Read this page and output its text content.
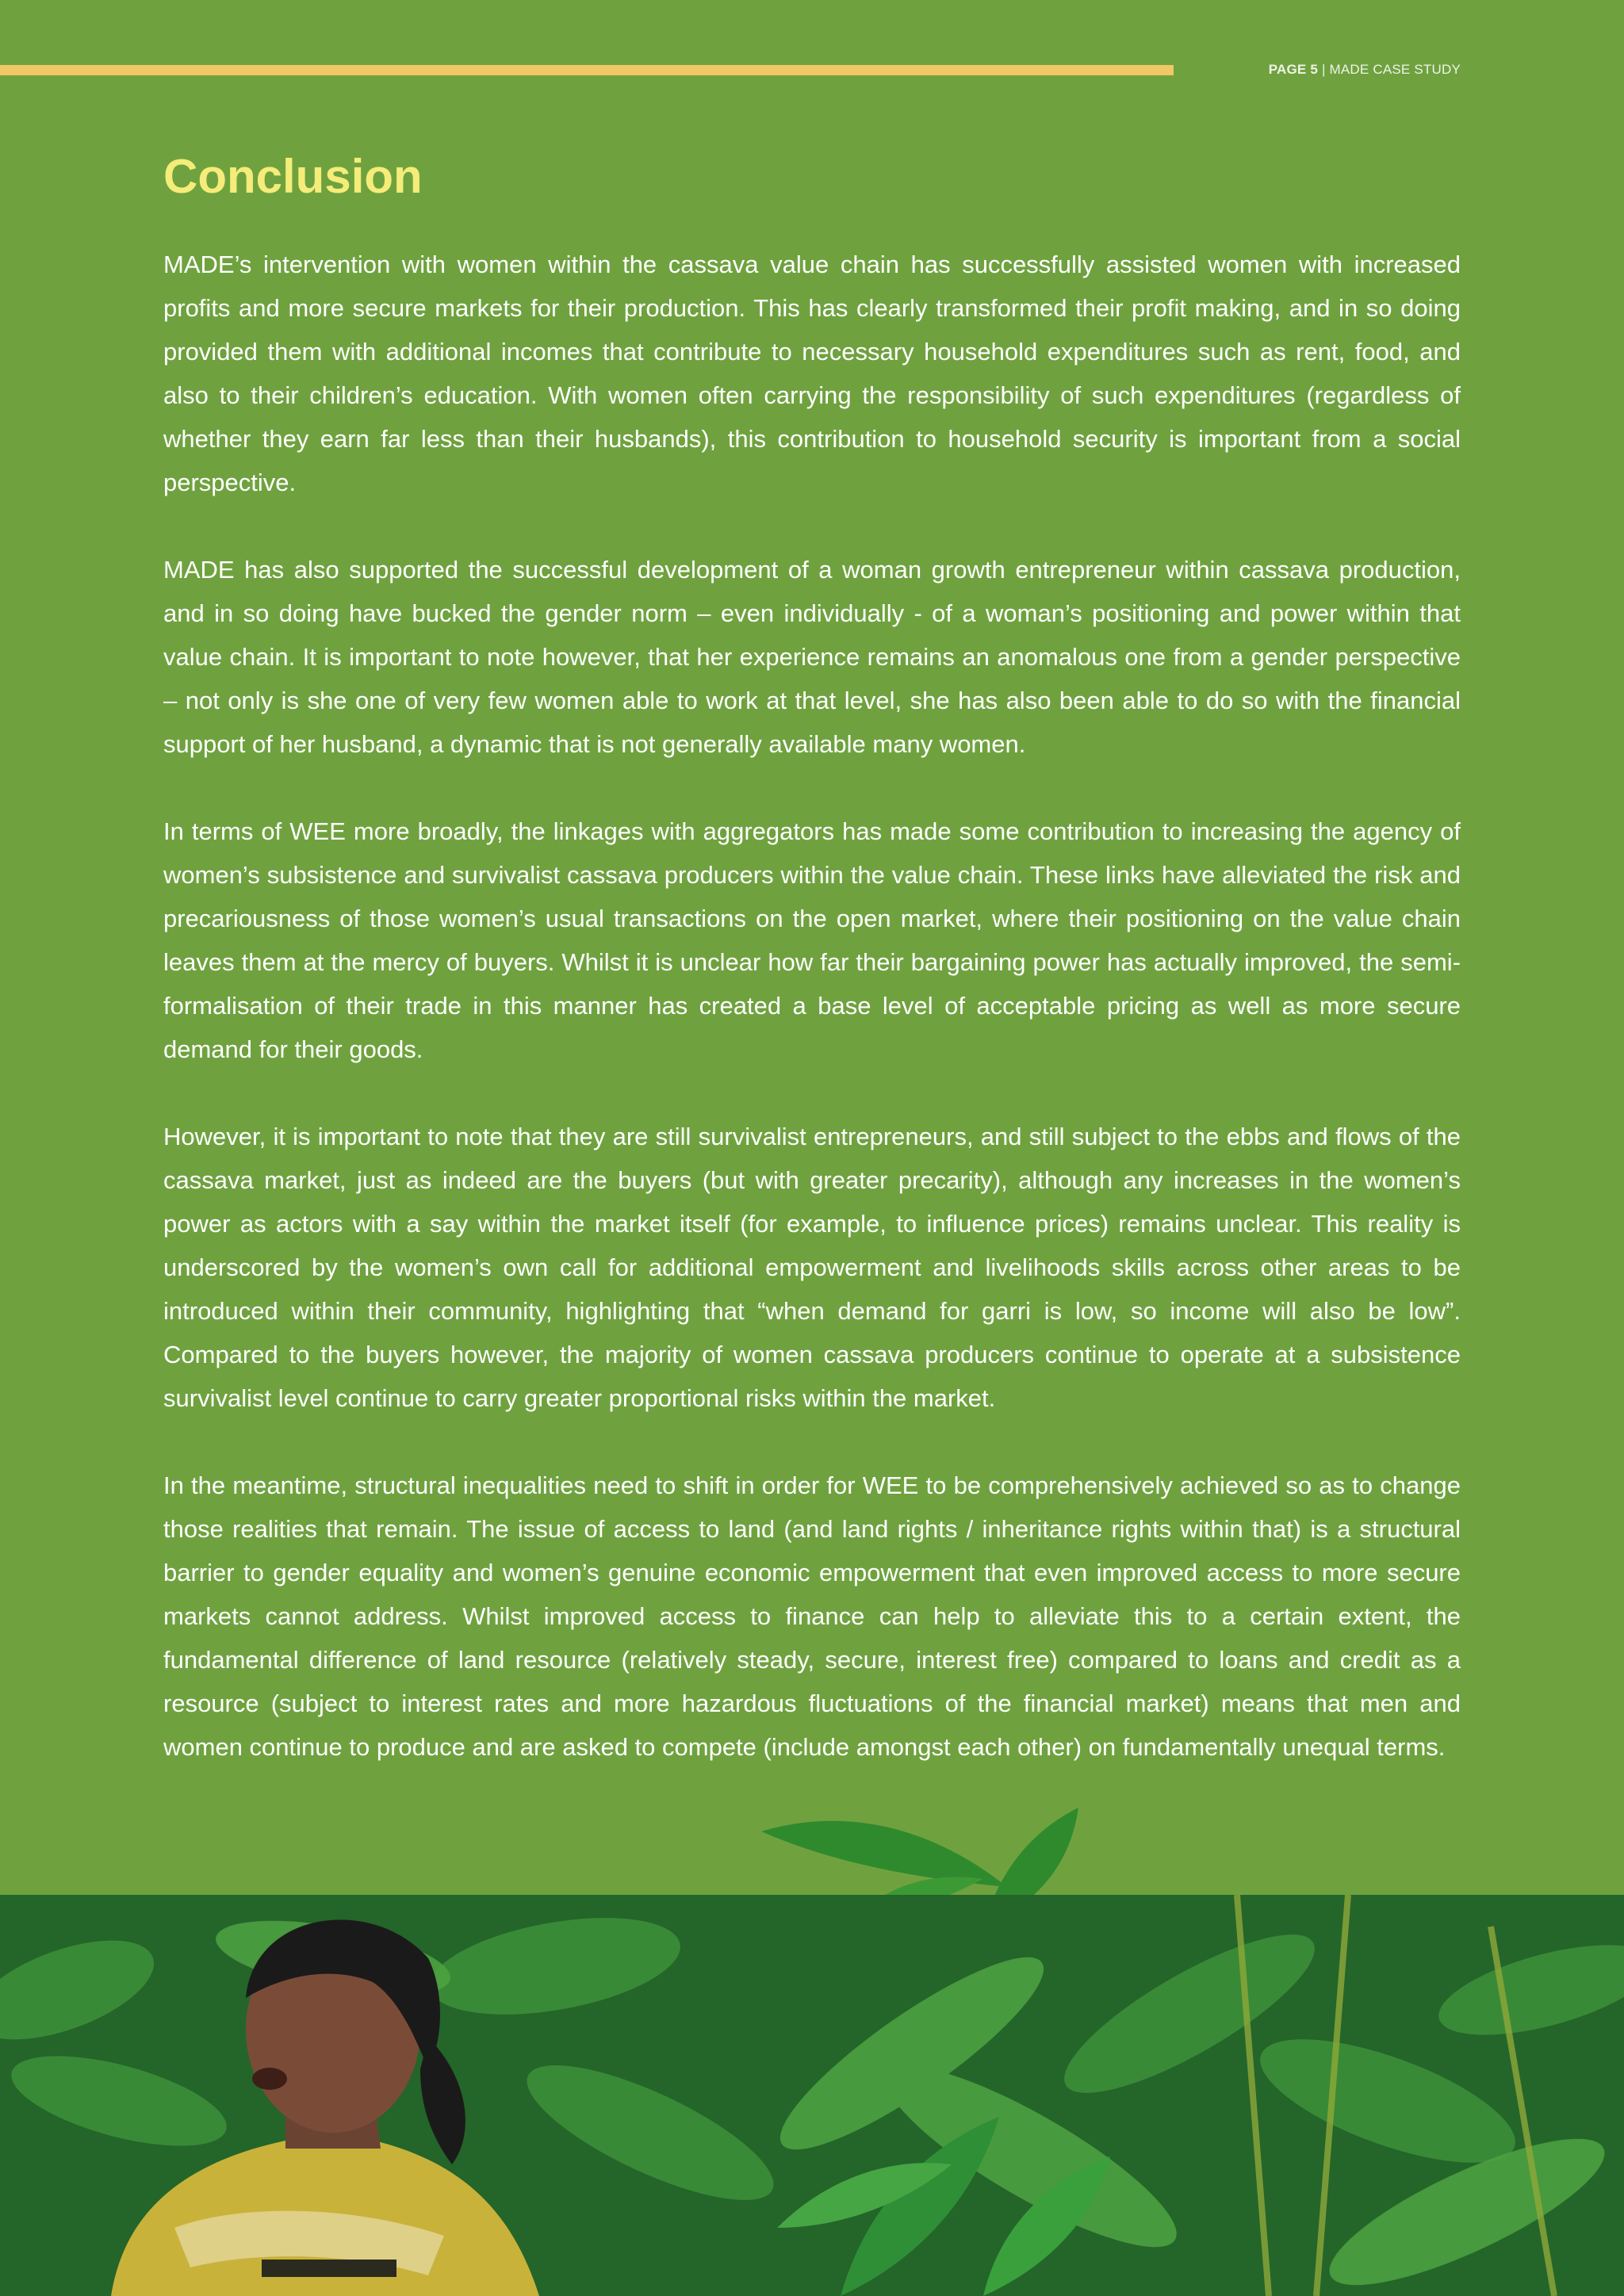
PAGE 5 | MADE CASE STUDY
Conclusion

MADE’s intervention with women within the cassava value chain has successfully assisted women with increased profits and more secure markets for their production. This has clearly transformed their profit making, and in so doing provided them with additional incomes that contribute to necessary household expenditures such as rent, food, and also to their children’s education. With women often carrying the responsibility of such expenditures (regardless of whether they earn far less than their husbands), this contribution to household security is important from a social perspective.

MADE has also supported the successful development of a woman growth entrepreneur within cassava production, and in so doing have bucked the gender norm – even individually - of a woman’s positioning and power within that value chain. It is important to note however, that her experience remains an anomalous one from a gender perspective – not only is she one of very few women able to work at that level, she has also been able to do so with the financial support of her husband, a dynamic that is not generally available many women.

In terms of WEE more broadly, the linkages with aggregators has made some contribution to increasing the agency of women’s subsistence and survivalist cassava producers within the value chain. These links have alleviated the risk and precariousness of those women’s usual transactions on the open market, where their positioning on the value chain leaves them at the mercy of buyers. Whilst it is unclear how far their bargaining power has actually improved, the semi-formalisation of their trade in this manner has created a base level of acceptable pricing as well as more secure demand for their goods.

However, it is important to note that they are still survivalist entrepreneurs, and still subject to the ebbs and flows of the cassava market, just as indeed are the buyers (but with greater precarity), although any increases in the women’s power as actors with a say within the market itself (for example, to influence prices) remains unclear. This reality is underscored by the women’s own call for additional empowerment and livelihoods skills across other areas to be introduced within their community, highlighting that “when demand for garri is low, so income will also be low”. Compared to the buyers however, the majority of women cassava producers continue to operate at a subsistence survivalist level continue to carry greater proportional risks within the market.

In the meantime, structural inequalities need to shift in order for WEE to be comprehensively achieved so as to change those realities that remain. The issue of access to land (and land rights / inheritance rights within that) is a structural barrier to gender equality and women’s genuine economic empowerment that even improved access to more secure markets cannot address. Whilst improved access to finance can help to alleviate this to a certain extent, the fundamental difference of land resource (relatively steady, secure, interest free) compared to loans and credit as a resource (subject to interest rates and more hazardous fluctuations of the financial market) means that men and women continue to produce and are asked to compete (include amongst each other) on fundamentally unequal terms.
